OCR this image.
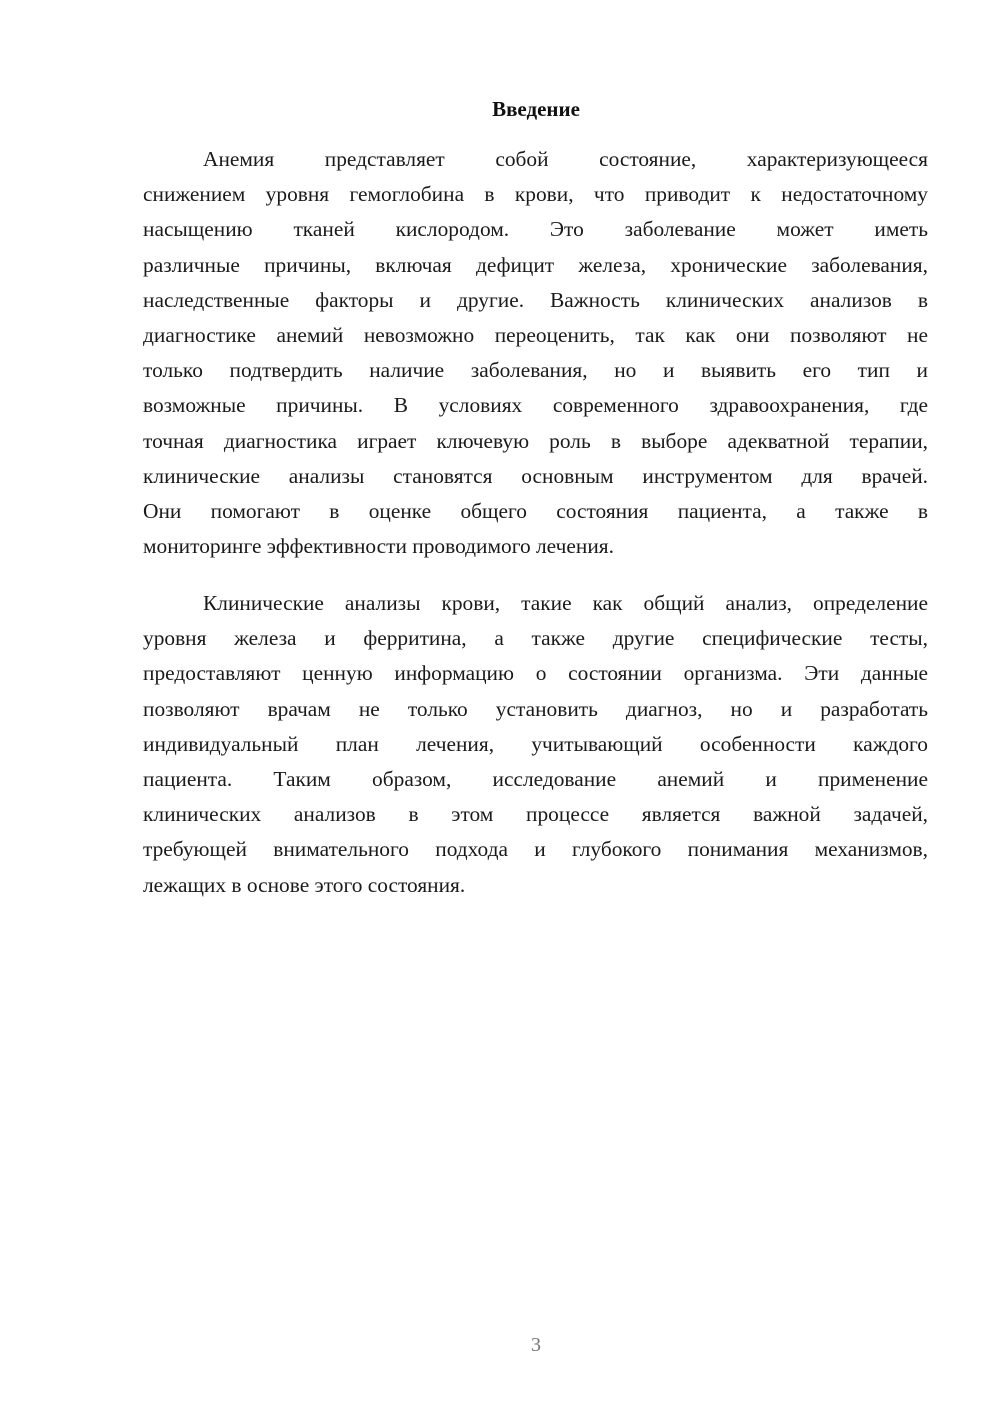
Введение
Анемия представляет собой состояние, характеризующееся
снижением уровня гемоглобина в крови, что приводит к недостаточному
насыщению тканей кислородом. Это заболевание может иметь
различные причины, включая дефицит железа, хронические заболевания,
наследственные факторы и другие. Важность клинических анализов в
диагностике анемий невозможно переоценить, так как они позволяют не
только подтвердить наличие заболевания, но и выявить его тип и
возможные причины. В условиях современного здравоохранения, где
точная диагностика играет ключевую роль в выборе адекватной терапии,
клинические анализы становятся основным инструментом для врачей.
Они помогают в оценке общего состояния пациента, а также в
мониторинге эффективности проводимого лечения.
Клинические анализы крови, такие как общий анализ, определение
уровня железа и ферритина, а также другие специфические тесты,
предоставляют ценную информацию о состоянии организма. Эти данные
позволяют врачам не только установить диагноз, но и разработать
индивидуальный план лечения, учитывающий особенности каждого
пациента. Таким образом, исследование анемий и применение
клинических анализов в этом процессе является важной задачей,
требующей внимательного подхода и глубокого понимания механизмов,
лежащих в основе этого состояния.
3
